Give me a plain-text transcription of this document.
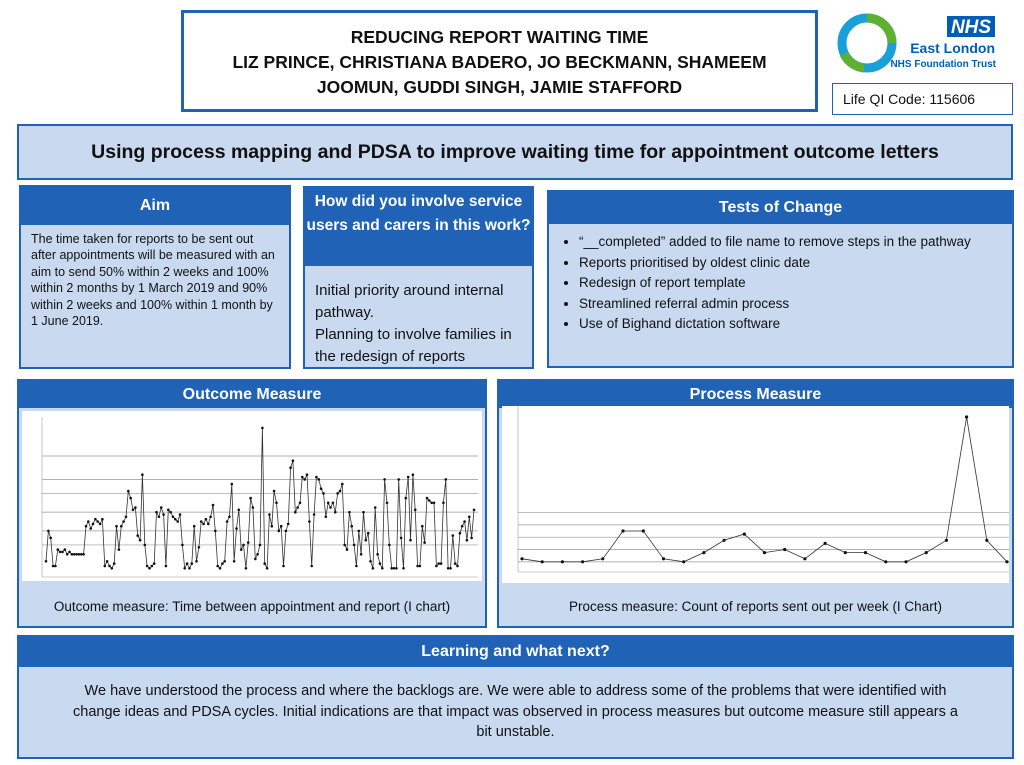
REDUCING REPORT WAITING TIME
LIZ PRINCE, CHRISTIANA BADERO, JO BECKMANN, SHAMEEM
JOOMUN, GUDDI SINGH, JAMIE STAFFORD
NHS
East London
NHS Foundation Trust
Life QI Code: 115606
Using process mapping and PDSA to improve waiting time for appointment outcome letters
Aim
The time taken for reports to be sent out after appointments will be measured with an aim to send 50% within 2 weeks and 100% within 2 months by 1 March 2019 and 90% within 2 weeks and 100% within 1 month by 1 June 2019.
How did you involve service users and carers in this work?
Initial priority around internal pathway.
Planning to involve families in the redesign of reports
Tests of Change
• “__completed” added to file name to remove steps in the pathway
• Reports prioritised by oldest clinic date
• Redesign of report template
• Streamlined referral admin process
• Use of Bighand dictation software
Outcome Measure
Outcome measure: Time between appointment and report (I chart)
Process Measure
Process measure: Count of reports sent out per week (I Chart)
Learning and what next?
We have understood the process and where the backlogs are. We were able to address some of the problems that were identified with change ideas and PDSA cycles. Initial indications are that impact was observed in process measures but outcome measure still appears a bit unstable.
